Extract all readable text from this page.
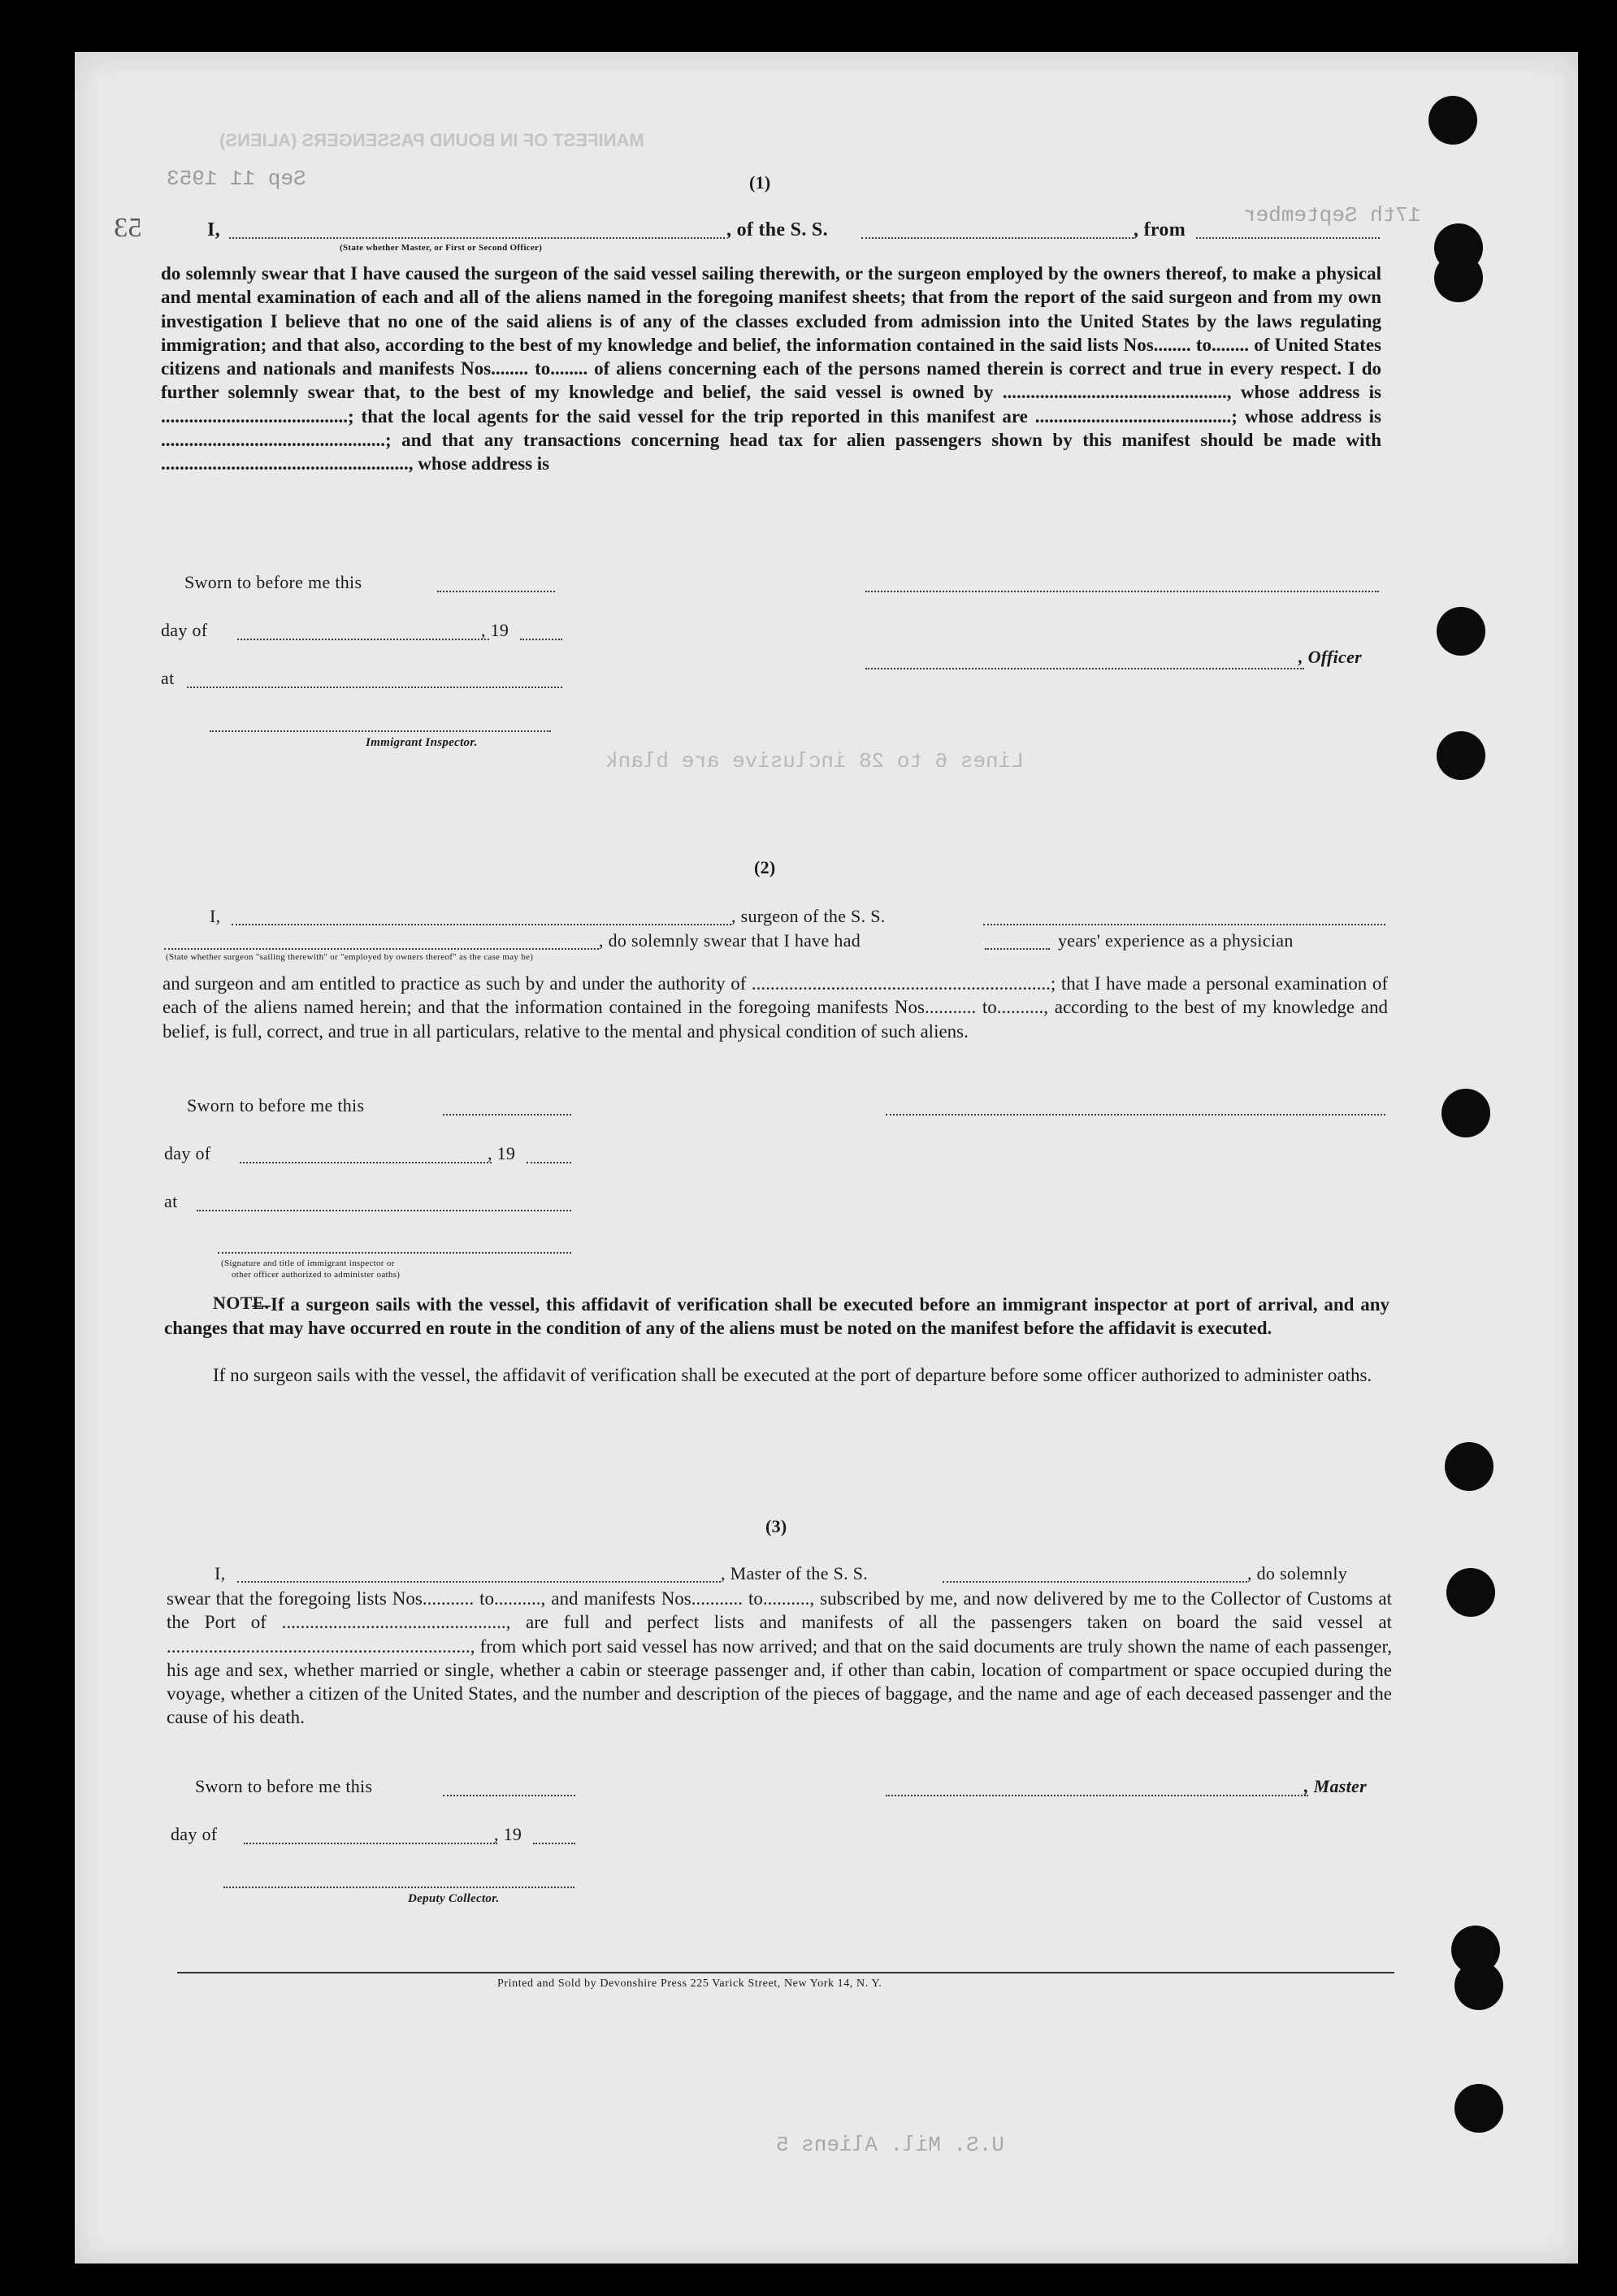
MANIFEST OF IN BOUND PASSENGERS (ALIENS)
Sep 11 1953
17th September
53
Lines 6 to 28 inclusive are blank
U.S. Mil. Aliens 5
(1)
I,
(State whether Master, or First or Second Officer)
, of the S. S.	, from

do solemnly swear that I have caused the surgeon of the said vessel sailing therewith, or the surgeon employed by the owners thereof, to make a physical and mental examination of each and all of the aliens named in the foregoing manifest sheets; that from the report of the said surgeon and from my own investigation I believe that no one of the said aliens is of any of the classes excluded from admission into the United States by the laws regulating immigration; and that also, according to the best of my knowledge and belief, the information contained in the said lists Nos........ to........ of United States citizens and nationals and manifests Nos........ to........ of aliens concerning each of the persons named therein is correct and true in every respect. I do further solemnly swear that, to the best of my knowledge and belief, the said vessel is owned by ................................................, whose address is ........................................; that the local agents for the said vessel for the trip reported in this manifest are ..........................................; whose address is ................................................; and that any transactions concerning head tax for alien passengers shown by this manifest should be made with ....................................................., whose address is

Sworn to before me this
day of	, 19
at
Immigrant Inspector.
, Officer
(2)
I,	, surgeon of the S. S.
, do solemnly swear that I have had	years' experience as a physician
(State whether surgeon "sailing therewith" or "employed by owners thereof" as the case may be)

and surgeon and am entitled to practice as such by and under the authority of ................................................................; that I have made a personal examination of each of the aliens named herein; and that the information contained in the foregoing manifests Nos........... to.........., according to the best of my knowledge and belief, is full, correct, and true in all particulars, relative to the mental and physical condition of such aliens.

Sworn to before me this
day of	, 19
at
(Signature and title of immigrant inspector or
other officer authorized to administer oaths)
NOTE.

—If a surgeon sails with the vessel, this affidavit of verification shall be executed before an immigrant inspector at port of arrival, and any changes that may have occurred en route in the condition of any of the aliens must be noted on the manifest before the affidavit is executed.

If no surgeon sails with the vessel, the affidavit of verification shall be executed at the port of departure before some officer authorized to administer oaths.

(3)
I,	, Master of the S. S.	, do solemnly

swear that the foregoing lists Nos........... to.........., and manifests Nos........... to.........., subscribed by me, and now delivered by me to the Collector of Customs at the Port of ................................................, are full and perfect lists and manifests of all the passengers taken on board the said vessel at ................................................................., from which port said vessel has now arrived; and that on the said documents are truly shown the name of each passenger, his age and sex, whether married or single, whether a cabin or steerage passenger and, if other than cabin, location of compartment or space occupied during the voyage, whether a citizen of the United States, and the number and description of the pieces of baggage, and the name and age of each deceased passenger and the cause of his death.

Sworn to before me this
day of	, 19
Deputy Collector.
, Master
Printed and Sold by Devonshire Press 225 Varick Street, New York 14, N. Y.
